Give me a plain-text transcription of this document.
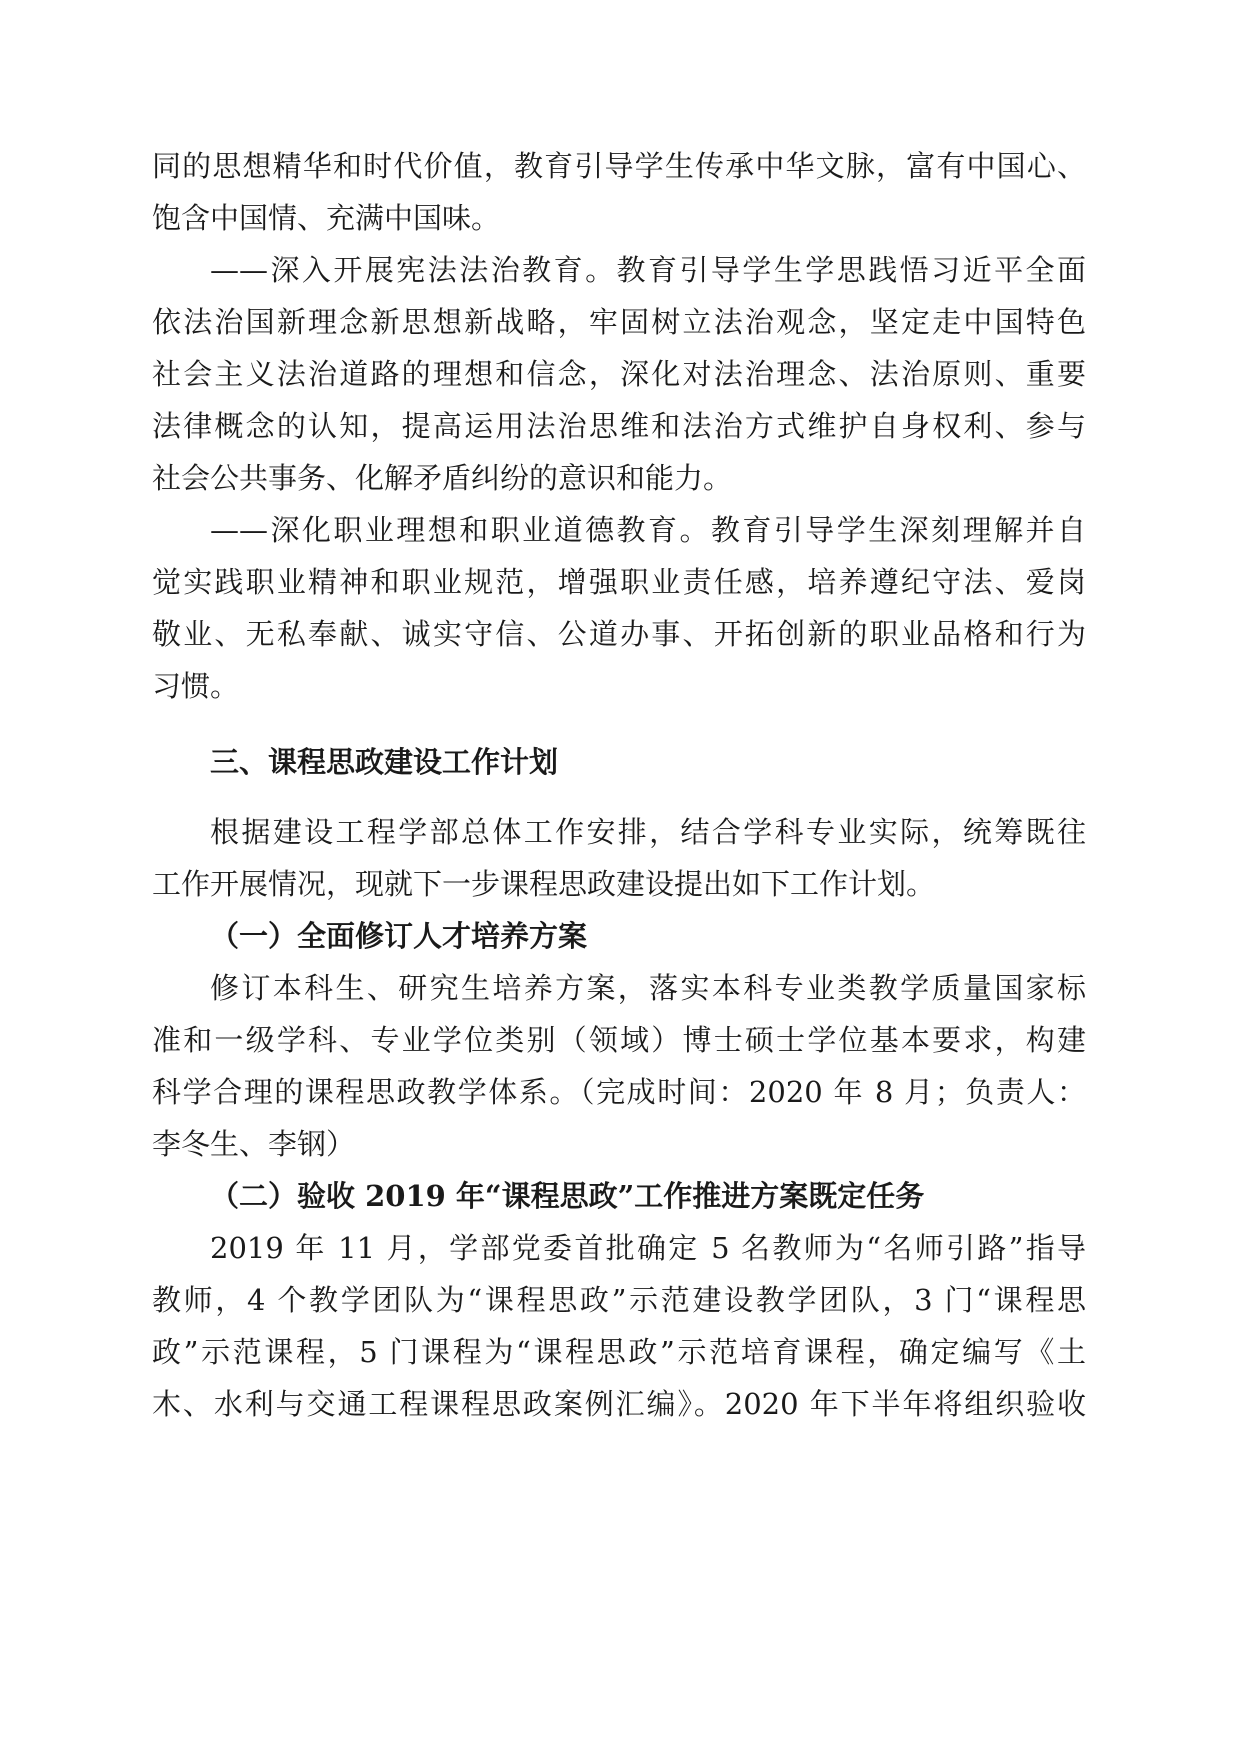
同的思想精华和时代价值，教育引导学生传承中华文脉，富有中国心、
饱含中国情、充满中国味。
——深入开展宪法法治教育。教育引导学生学思践悟习近平全面
依法治国新理念新思想新战略，牢固树立法治观念，坚定走中国特色
社会主义法治道路的理想和信念，深化对法治理念、法治原则、重要
法律概念的认知，提高运用法治思维和法治方式维护自身权利、参与
社会公共事务、化解矛盾纠纷的意识和能力。
——深化职业理想和职业道德教育。教育引导学生深刻理解并自
觉实践职业精神和职业规范，增强职业责任感，培养遵纪守法、爱岗
敬业、无私奉献、诚实守信、公道办事、开拓创新的职业品格和行为
习惯。
三、课程思政建设工作计划
根据建设工程学部总体工作安排，结合学科专业实际，统筹既往
工作开展情况，现就下一步课程思政建设提出如下工作计划。
（一）全面修订人才培养方案
修订本科生、研究生培养方案，落实本科专业类教学质量国家标
准和一级学科、专业学位类别（领域）博士硕士学位基本要求，构建
科学合理的课程思政教学体系。（完成时间：2020 年 8 月；负责人：
李冬生、李钢）
（二）验收 2019 年“课程思政”工作推进方案既定任务
2019 年 11 月，学部党委首批确定 5 名教师为“名师引路”指导
教师，4 个教学团队为“课程思政”示范建设教学团队，3 门“课程思
政”示范课程，5 门课程为“课程思政”示范培育课程，确定编写《土
木、水利与交通工程课程思政案例汇编》。2020 年下半年将组织验收
